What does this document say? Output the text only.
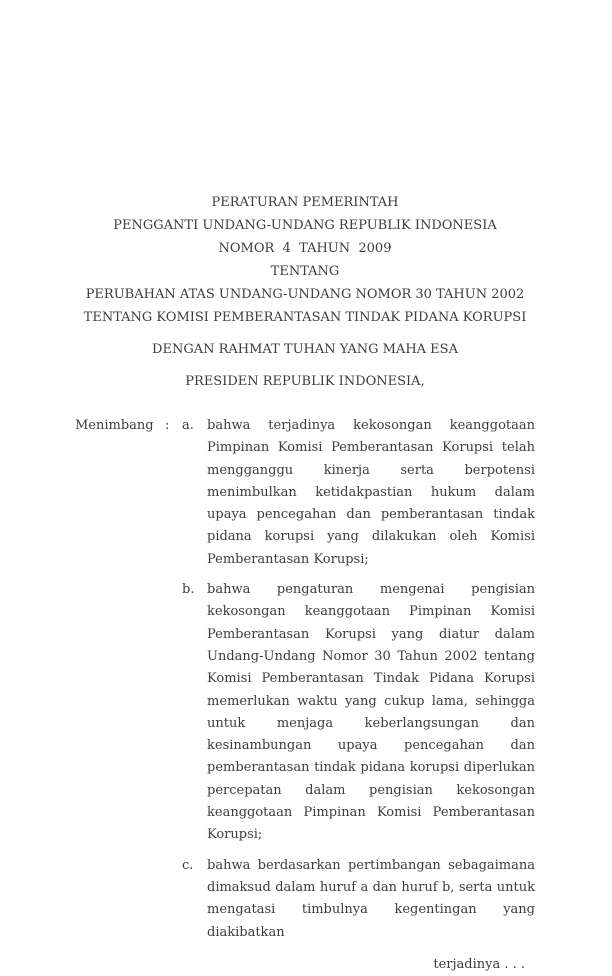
PERATURAN PEMERINTAH
PENGGANTI UNDANG-UNDANG REPUBLIK INDONESIA
NOMOR  4  TAHUN  2009
TENTANG
PERUBAHAN ATAS UNDANG-UNDANG NOMOR 30 TAHUN 2002
TENTANG KOMISI PEMBERANTASAN TINDAK PIDANA KORUPSI
DENGAN RAHMAT TUHAN YANG MAHA ESA
PRESIDEN REPUBLIK INDONESIA,
Menimbang : a.	bahwa terjadinya kekosongan keanggotaan Pimpinan Komisi Pemberantasan Korupsi telah mengganggu kinerja serta berpotensi menimbulkan ketidakpastian hukum dalam upaya pencegahan dan pemberantasan tindak pidana korupsi yang dilakukan oleh Komisi Pemberantasan Korupsi;
b. bahwa pengaturan mengenai pengisian kekosongan keanggotaan Pimpinan Komisi Pemberantasan Korupsi yang diatur dalam Undang-Undang Nomor 30 Tahun 2002 tentang Komisi Pemberantasan Tindak Pidana Korupsi memerlukan waktu yang cukup lama, sehingga untuk menjaga keberlangsungan dan kesinambungan upaya pencegahan dan pemberantasan tindak pidana korupsi diperlukan percepatan dalam pengisian kekosongan keanggotaan Pimpinan Komisi Pemberantasan Korupsi;
c.	bahwa berdasarkan pertimbangan sebagaimana dimaksud dalam huruf a dan huruf b, serta untuk mengatasi timbulnya kegentingan yang diakibatkan
terjadinya . . .
